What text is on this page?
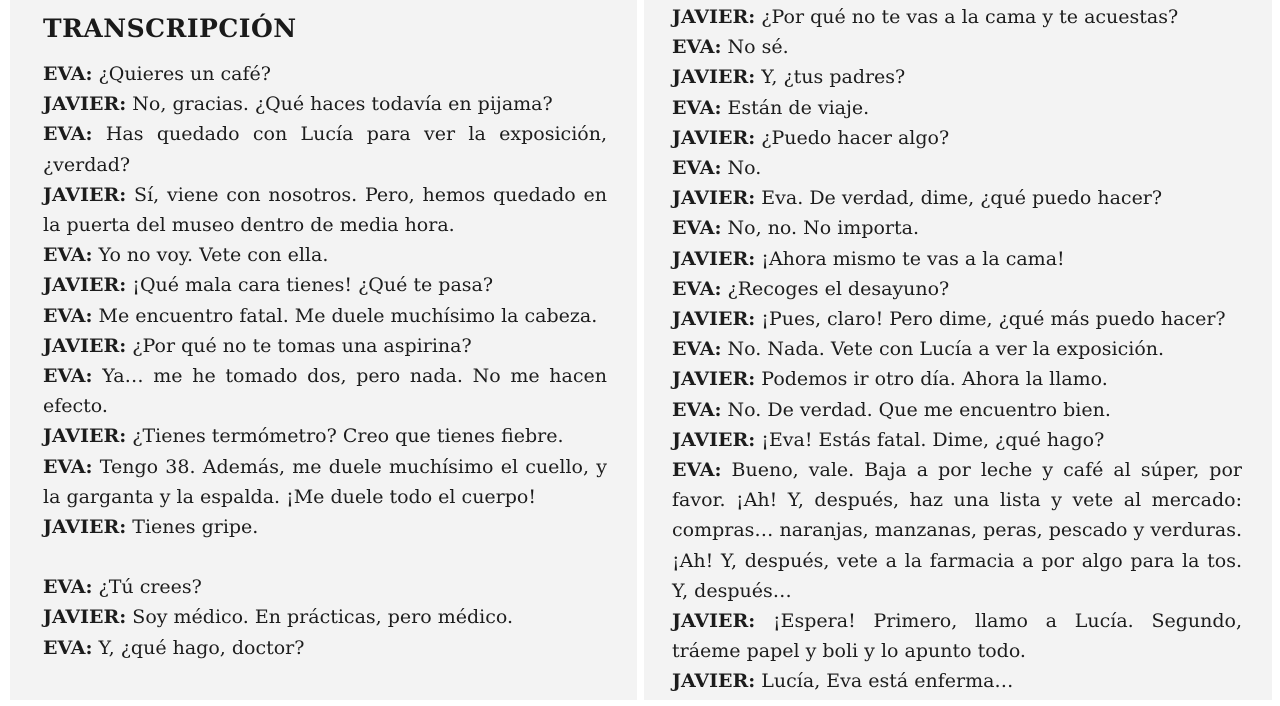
TRANSCRIPCIÓN
EVA: ¿Quieres un café?
JAVIER: No, gracias. ¿Qué haces todavía en pijama?
EVA: Has quedado con Lucía para ver la exposición, ¿verdad?
JAVIER: Sí, viene con nosotros. Pero, hemos quedado en la puerta del museo dentro de media hora.
EVA: Yo no voy. Vete con ella.
JAVIER: ¡Qué mala cara tienes! ¿Qué te pasa?
EVA: Me encuentro fatal. Me duele muchísimo la cabeza.
JAVIER: ¿Por qué no te tomas una aspirina?
EVA: Ya… me he tomado dos, pero nada. No me hacen efecto.
JAVIER: ¿Tienes termómetro? Creo que tienes fiebre.
EVA: Tengo 38. Además, me duele muchísimo el cuello, y la garganta y la espalda. ¡Me duele todo el cuerpo!
JAVIER: Tienes gripe.
EVA: ¿Tú crees?
JAVIER: Soy médico. En prácticas, pero médico.
EVA: Y, ¿qué hago, doctor?
JAVIER: ¿Por qué no te vas a la cama y te acuestas?
EVA: No sé.
JAVIER: Y, ¿tus padres?
EVA: Están de viaje.
JAVIER: ¿Puedo hacer algo?
EVA: No.
JAVIER: Eva. De verdad, dime, ¿qué puedo hacer?
EVA: No, no. No importa.
JAVIER: ¡Ahora mismo te vas a la cama!
EVA: ¿Recoges el desayuno?
JAVIER: ¡Pues, claro! Pero dime, ¿qué más puedo hacer?
EVA: No. Nada. Vete con Lucía a ver la exposición.
JAVIER: Podemos ir otro día. Ahora la llamo.
EVA: No. De verdad. Que me encuentro bien.
JAVIER: ¡Eva! Estás fatal. Dime, ¿qué hago?
EVA: Bueno, vale. Baja a por leche y café al súper, por favor. ¡Ah! Y, después, haz una lista y vete al mercado: compras… naranjas, manzanas, peras, pescado y verduras. ¡Ah! Y, después, vete a la farmacia a por algo para la tos. Y, después…
JAVIER: ¡Espera! Primero, llamo a Lucía. Segundo, tráeme papel y boli y lo apunto todo.
JAVIER: Lucía, Eva está enferma…
